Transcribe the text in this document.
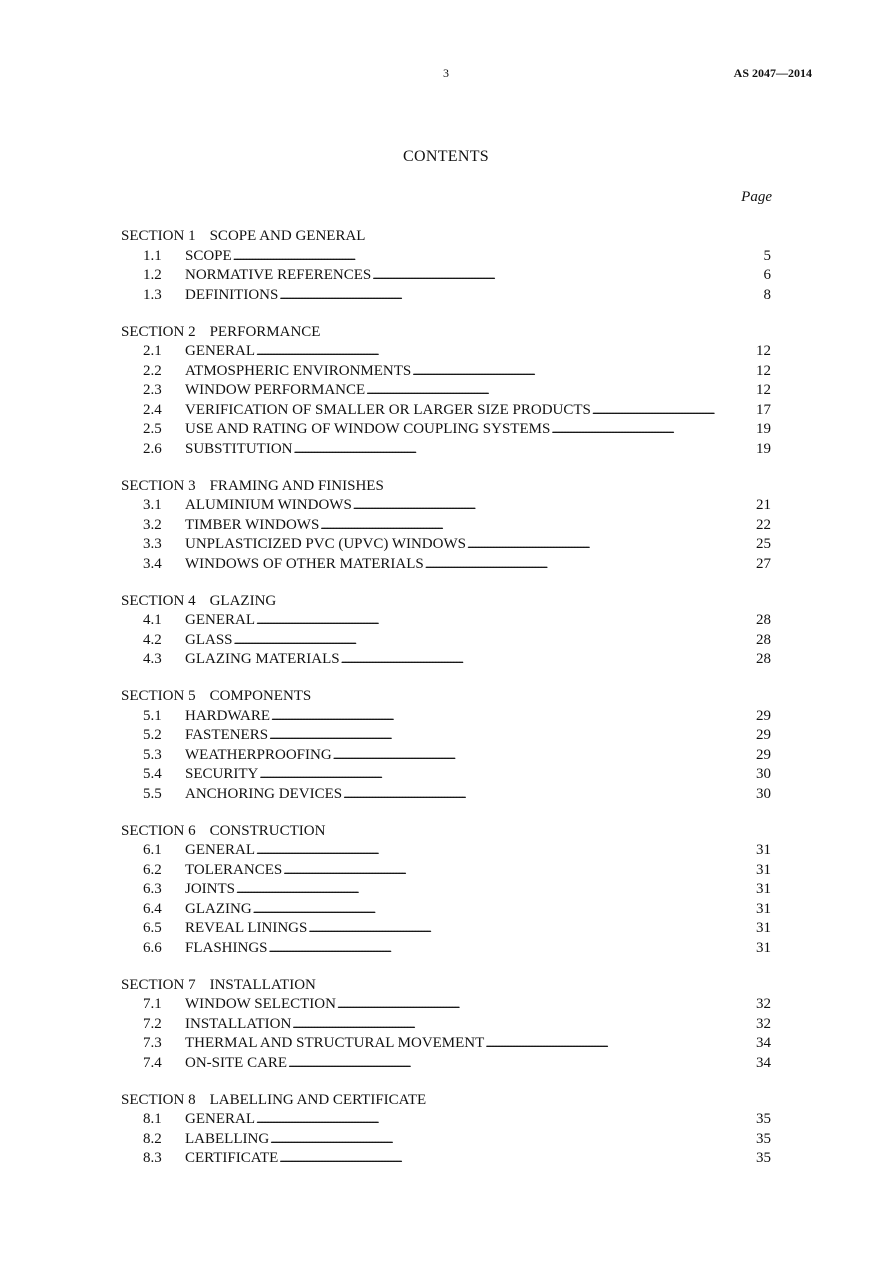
3	AS 2047—2014
CONTENTS
Page
SECTION 1 SCOPE AND GENERAL
1.1	SCOPE . . .	5
1.2	NORMATIVE REFERENCES . . .	6
1.3	DEFINITIONS . . .	8
SECTION 2 PERFORMANCE
2.1	GENERAL . . .	12
2.2	ATMOSPHERIC ENVIRONMENTS . . .	12
2.3	WINDOW PERFORMANCE . . .	12
2.4	VERIFICATION OF SMALLER OR LARGER SIZE PRODUCTS . . .	17
2.5	USE AND RATING OF WINDOW COUPLING SYSTEMS . . .	19
2.6	SUBSTITUTION . . .	19
SECTION 3 FRAMING AND FINISHES
3.1	ALUMINIUM WINDOWS . . .	21
3.2	TIMBER WINDOWS . . .	22
3.3	UNPLASTICIZED PVC (UPVC) WINDOWS . . .	25
3.4	WINDOWS OF OTHER MATERIALS . . .	27
SECTION 4 GLAZING
4.1	GENERAL . . .	28
4.2	GLASS . . .	28
4.3	GLAZING MATERIALS . . .	28
SECTION 5 COMPONENTS
5.1	HARDWARE . . .	29
5.2	FASTENERS . . .	29
5.3	WEATHERPROOFING . . .	29
5.4	SECURITY . . .	30
5.5	ANCHORING DEVICES . . .	30
SECTION 6 CONSTRUCTION
6.1	GENERAL . . .	31
6.2	TOLERANCES . . .	31
6.3	JOINTS . . .	31
6.4	GLAZING . . .	31
6.5	REVEAL LININGS . . .	31
6.6	FLASHINGS . . .	31
SECTION 7 INSTALLATION
7.1	WINDOW SELECTION . . .	32
7.2	INSTALLATION . . .	32
7.3	THERMAL AND STRUCTURAL MOVEMENT . . .	34
7.4	ON-SITE CARE . . .	34
SECTION 8 LABELLING AND CERTIFICATE
8.1	GENERAL . . .	35
8.2	LABELLING . . .	35
8.3	CERTIFICATE . . .	35
